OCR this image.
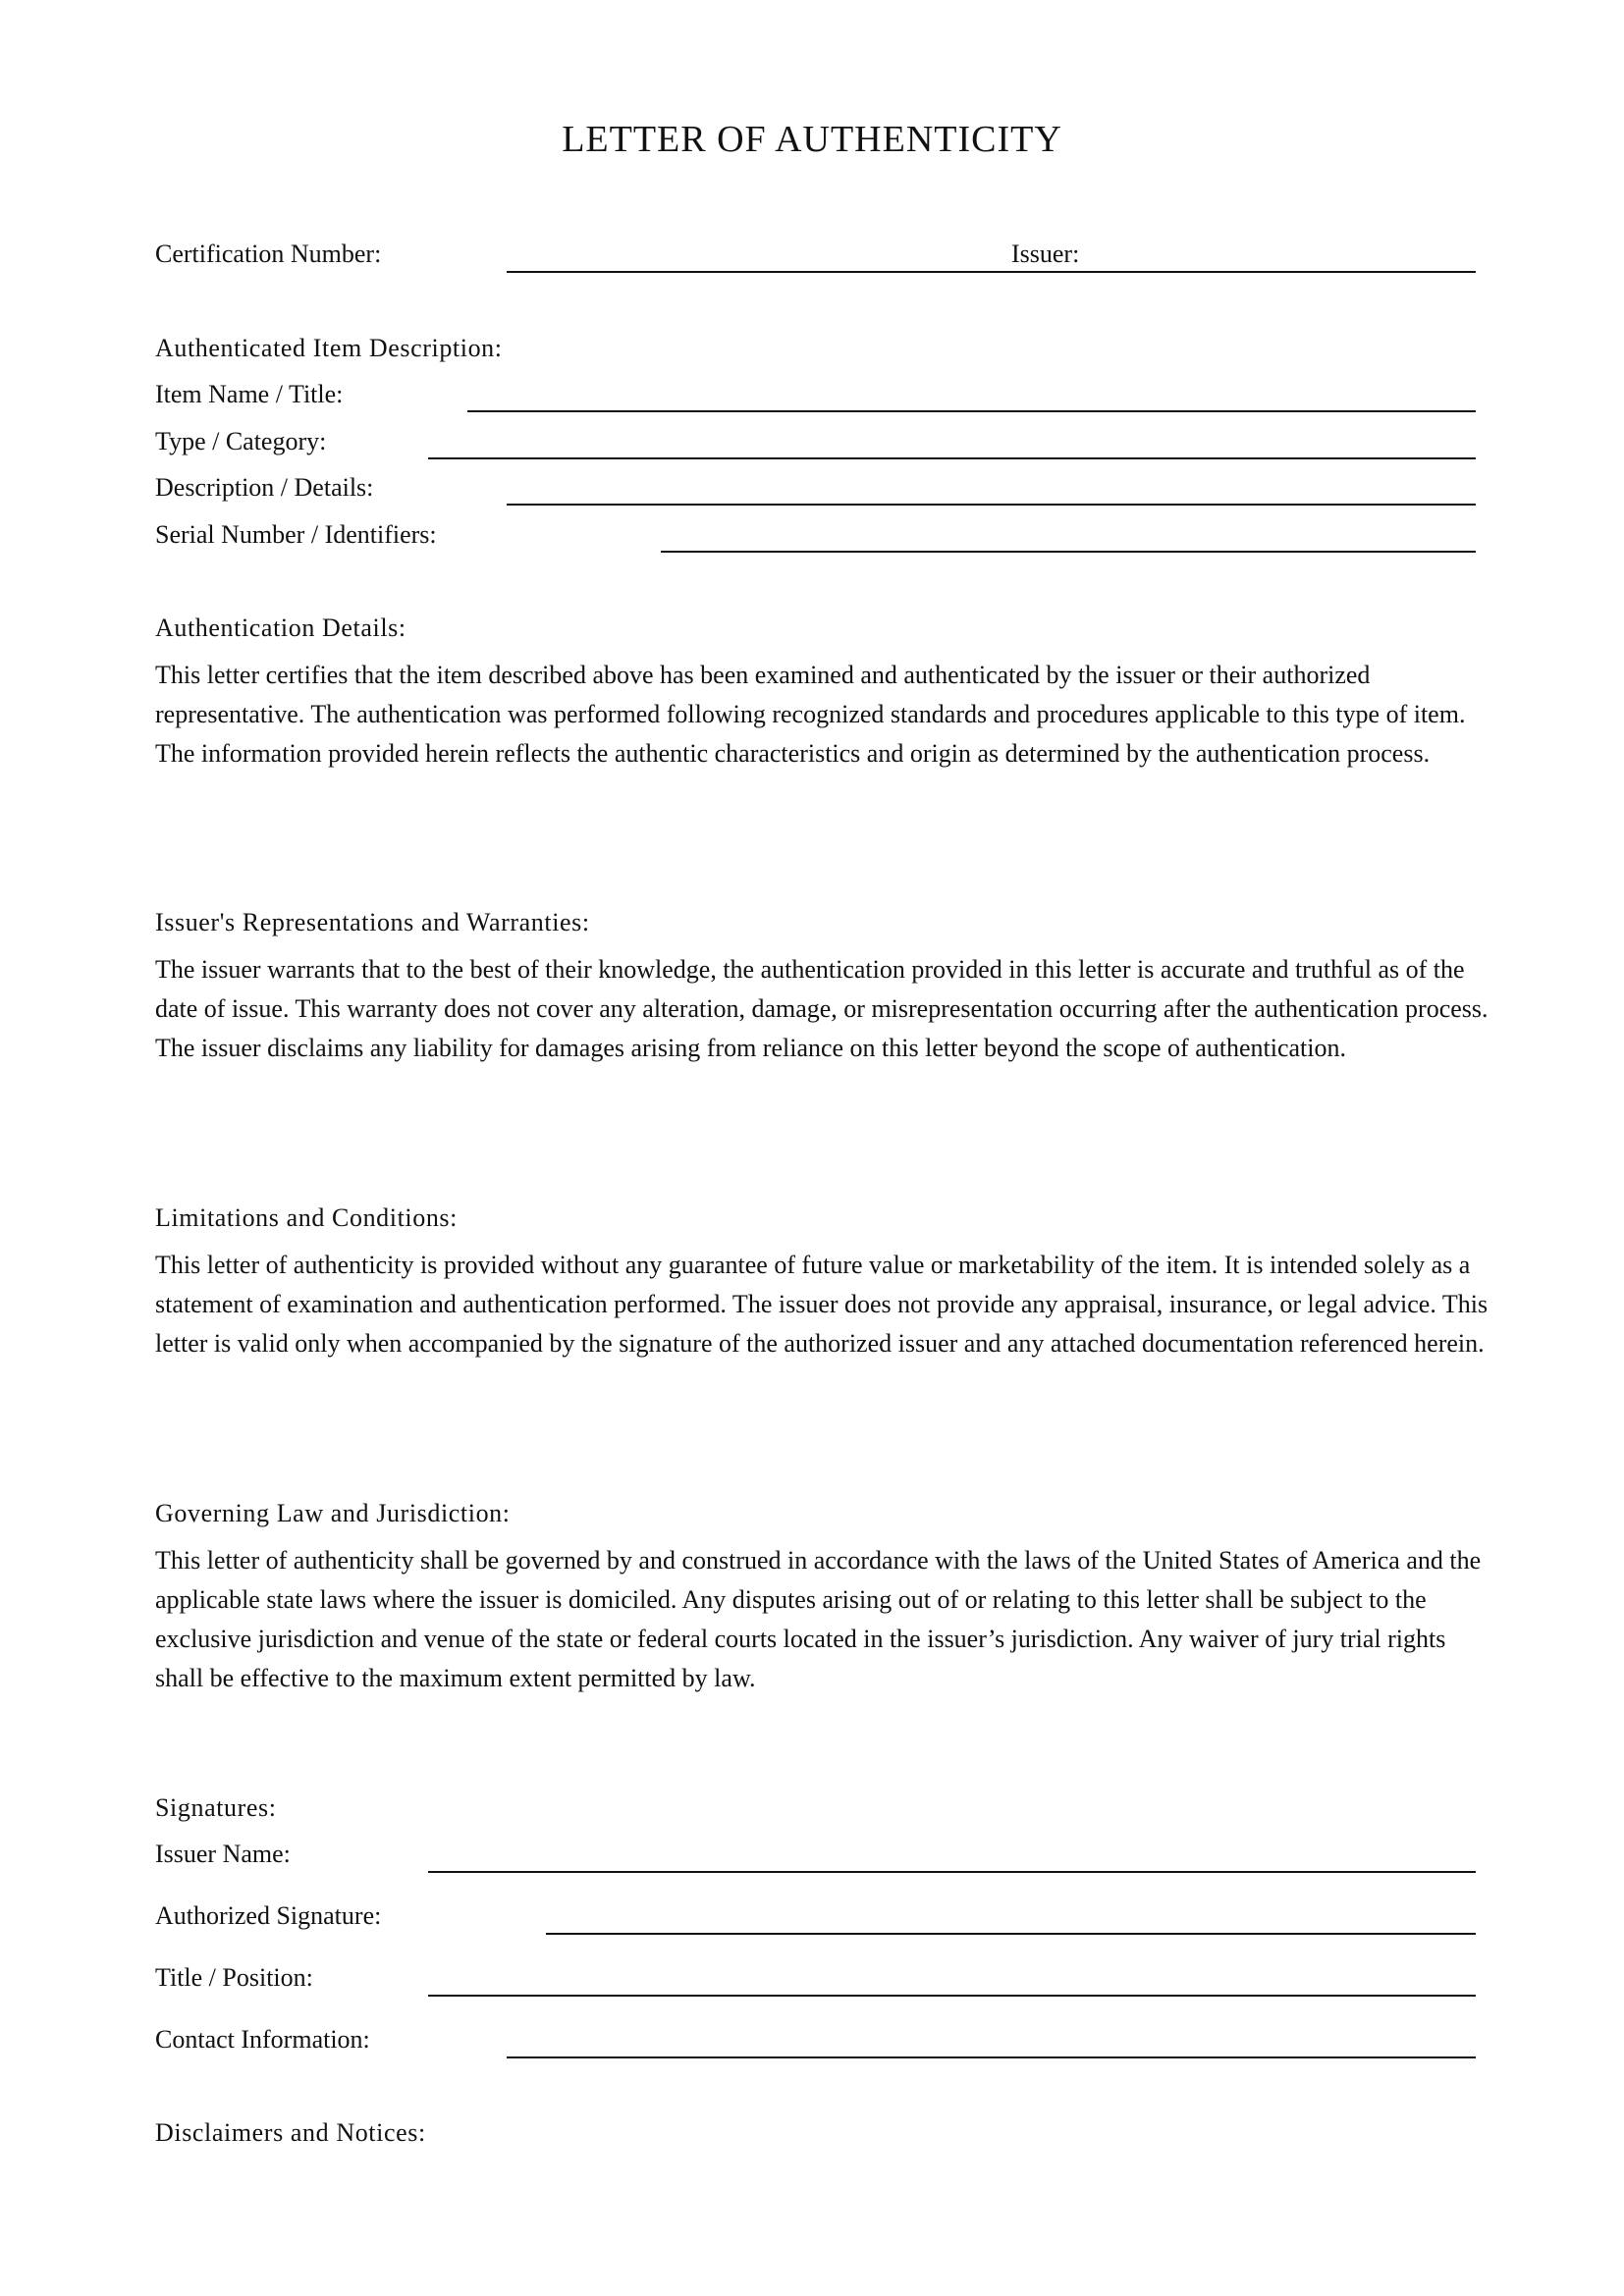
LETTER OF AUTHENTICITY
Certification Number:	Issuer:
Authenticated Item Description:
Item Name / Title:
Type / Category:
Description / Details:
Serial Number / Identifiers:
Authentication Details:

This letter certifies that the item described above has been examined and authenticated by the issuer or their authorized representative. The authentication was performed following recognized standards and procedures applicable to this type of item. The information provided herein reflects the authentic characteristics and origin as determined by the authentication process.

Issuer's Representations and Warranties:

The issuer warrants that to the best of their knowledge, the authentication provided in this letter is accurate and truthful as of the date of issue. This warranty does not cover any alteration, damage, or misrepresentation occurring after the authentication process. The issuer disclaims any liability for damages arising from reliance on this letter beyond the scope of authentication.

Limitations and Conditions:

This letter of authenticity is provided without any guarantee of future value or marketability of the item. It is intended solely as a statement of examination and authentication performed. The issuer does not provide any appraisal, insurance, or legal advice. This letter is valid only when accompanied by the signature of the authorized issuer and any attached documentation referenced herein.

Governing Law and Jurisdiction:

This letter of authenticity shall be governed by and construed in accordance with the laws of the United States of America and the applicable state laws where the issuer is domiciled. Any disputes arising out of or relating to this letter shall be subject to the exclusive jurisdiction and venue of the state or federal courts located in the issuer’s jurisdiction. Any waiver of jury trial rights shall be effective to the maximum extent permitted by law.

Signatures:
Issuer Name:
Authorized Signature:
Title / Position:
Contact Information:
Disclaimers and Notices:
